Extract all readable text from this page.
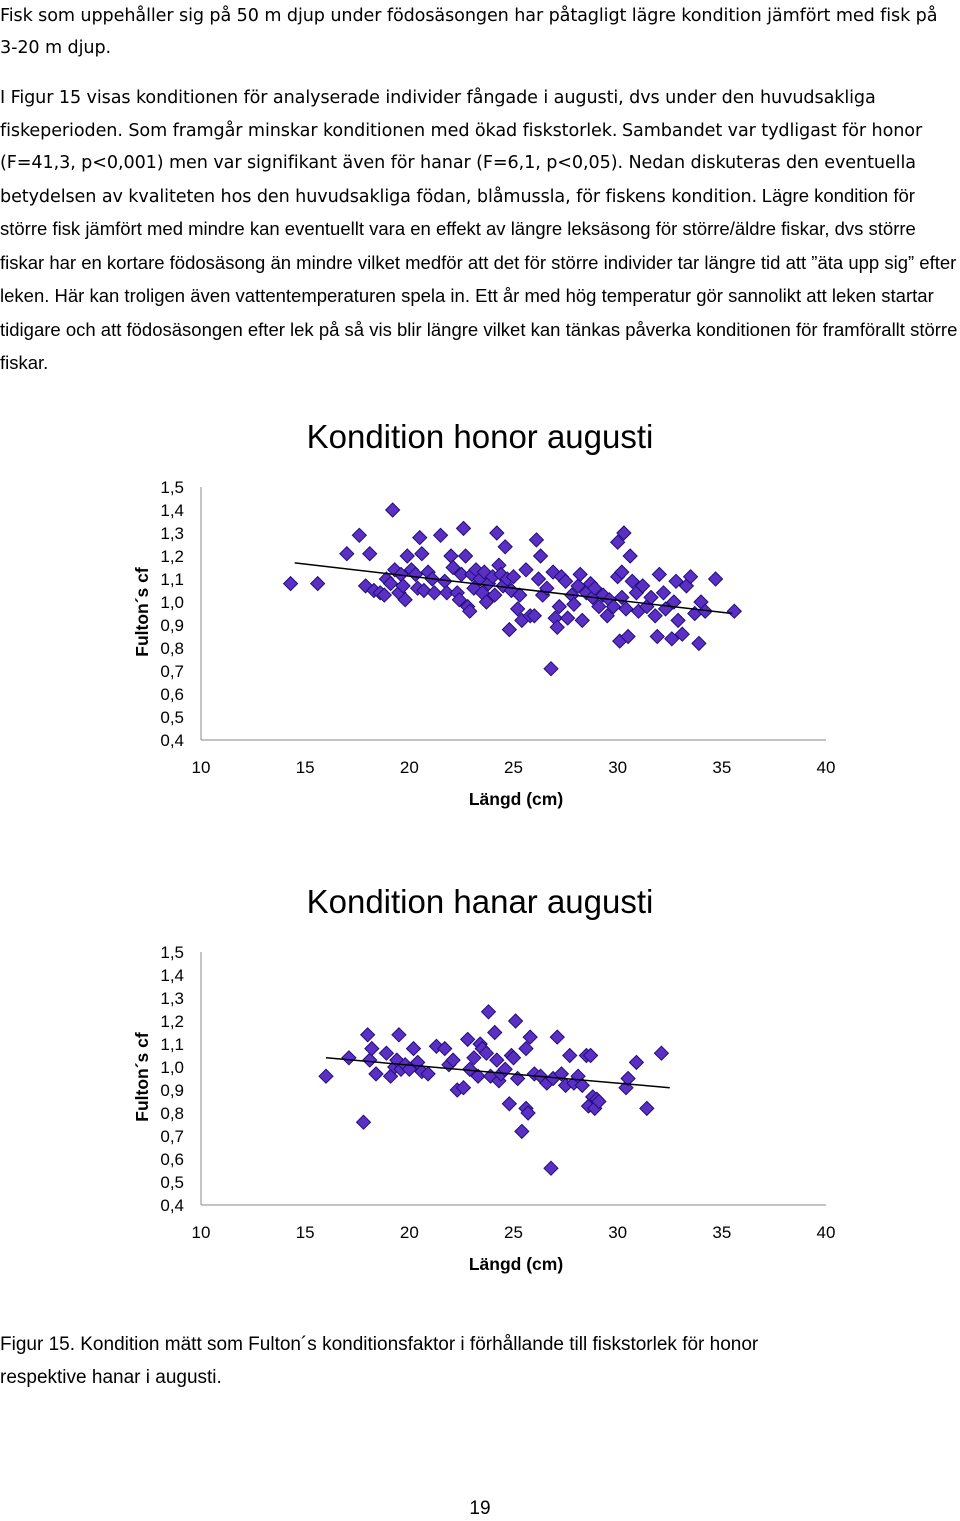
Fisk som uppehåller sig på 50 m djup under födosäsongen har påtagligt lägre kondition jämfört med fisk på 3-20 m djup.

I Figur 15 visas konditionen för analyserade individer fångade i augusti, dvs under den huvudsakliga fiskeperioden. Som framgår minskar konditionen med ökad fiskstorlek. Sambandet var tydligast för honor (F=41,3, p<0,001) men var signifikant även för hanar (F=6,1, p<0,05). Nedan diskuteras den eventuella betydelsen av kvaliteten hos den huvudsakliga födan, blåmussla, för fiskens kondition. Lägre kondition för större fisk jämfört med mindre kan eventuellt vara en effekt av längre leksäsong för större/äldre fiskar, dvs större fiskar har en kortare födosäsong än mindre vilket medför att det för större individer tar längre tid att ”äta upp sig” efter leken. Här kan troligen även vattentemperaturen spela in. Ett år med hög temperatur gör sannolikt att leken startar tidigare och att födosäsongen efter lek på så vis blir längre vilket kan tänkas påverka konditionen för framförallt större fiskar.

Kondition honor augusti
Fulton´s cf
Längd (cm)
1,5
1,4
1,3
1,2
1,1
1,0
0,9
0,8
0,7
0,6
0,5
0,4
10	15	20	25	30	35	40
Kondition hanar augusti
Fulton´s cf
Längd (cm)
1,5
1,4
1,3
1,2
1,1
1,0
0,9
0,8
0,7
0,6
0,5
0,4
10	15	20	25	30	35	40

Figur 15. Kondition mätt som Fulton´s konditionsfaktor i förhållande till fiskstorlek för honor
respektive hanar i augusti.

19
